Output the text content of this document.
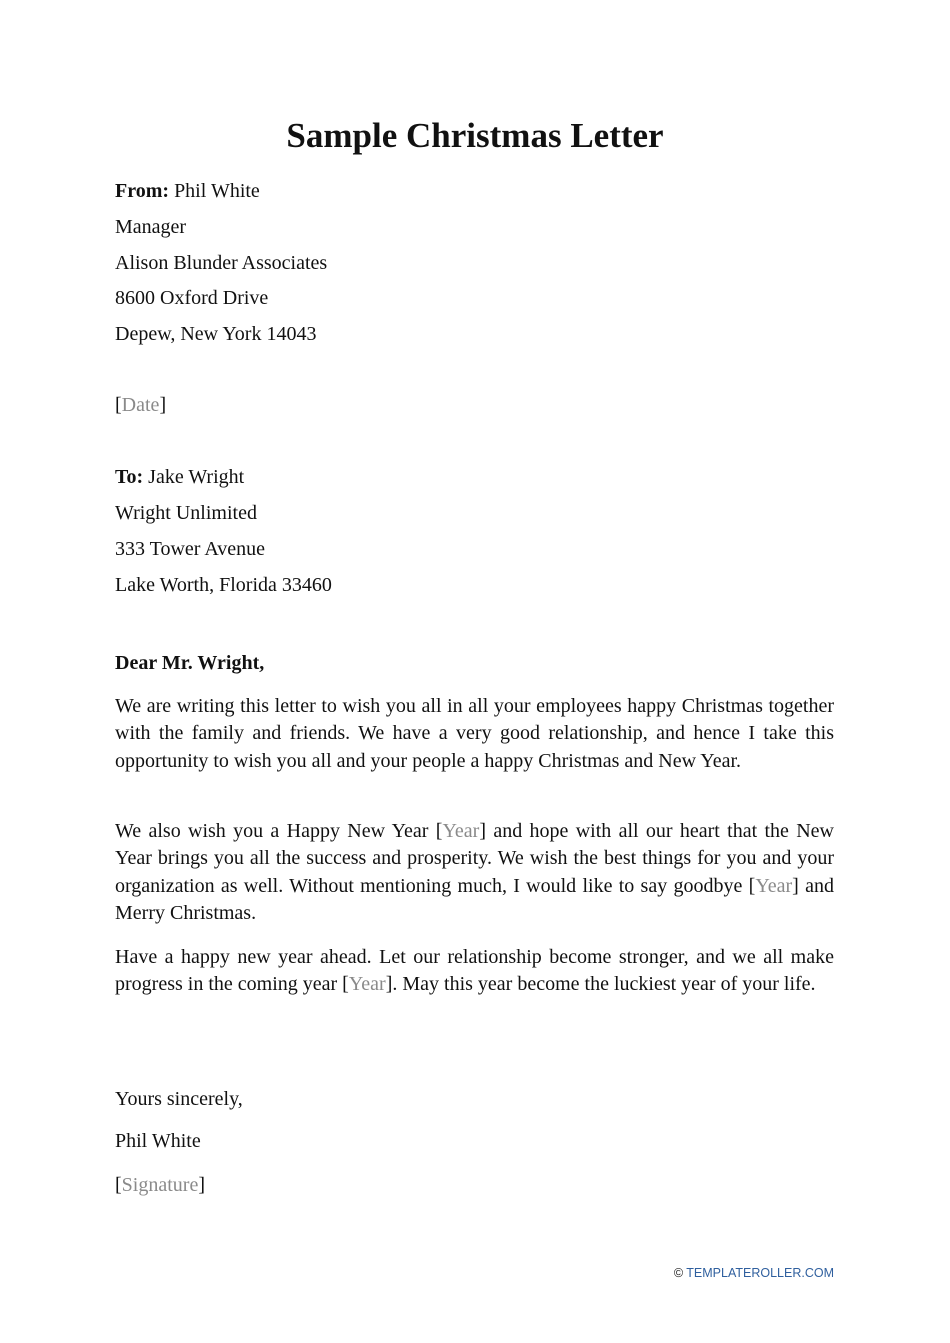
Sample Christmas Letter

From: Phil White

Manager

Alison Blunder Associates

8600 Oxford Drive

Depew, New York 14043

[Date]

To: Jake Wright

Wright Unlimited

333 Tower Avenue

Lake Worth, Florida 33460

Dear Mr. Wright,

We are writing this letter to wish you all in all your employees happy Christmas together with the family and friends. We have a very good relationship, and hence I take this opportunity to wish you all and your people a happy Christmas and New Year.

We also wish you a Happy New Year [Year] and hope with all our heart that the New Year brings you all the success and prosperity. We wish the best things for you and your organization as well. Without mentioning much, I would like to say goodbye [Year] and Merry Christmas.

Have a happy new year ahead. Let our relationship become stronger, and we all make progress in the coming year [Year]. May this year become the luckiest year of your life.

Yours sincerely,

Phil White

[Signature]

© TEMPLATEROLLER.COM
